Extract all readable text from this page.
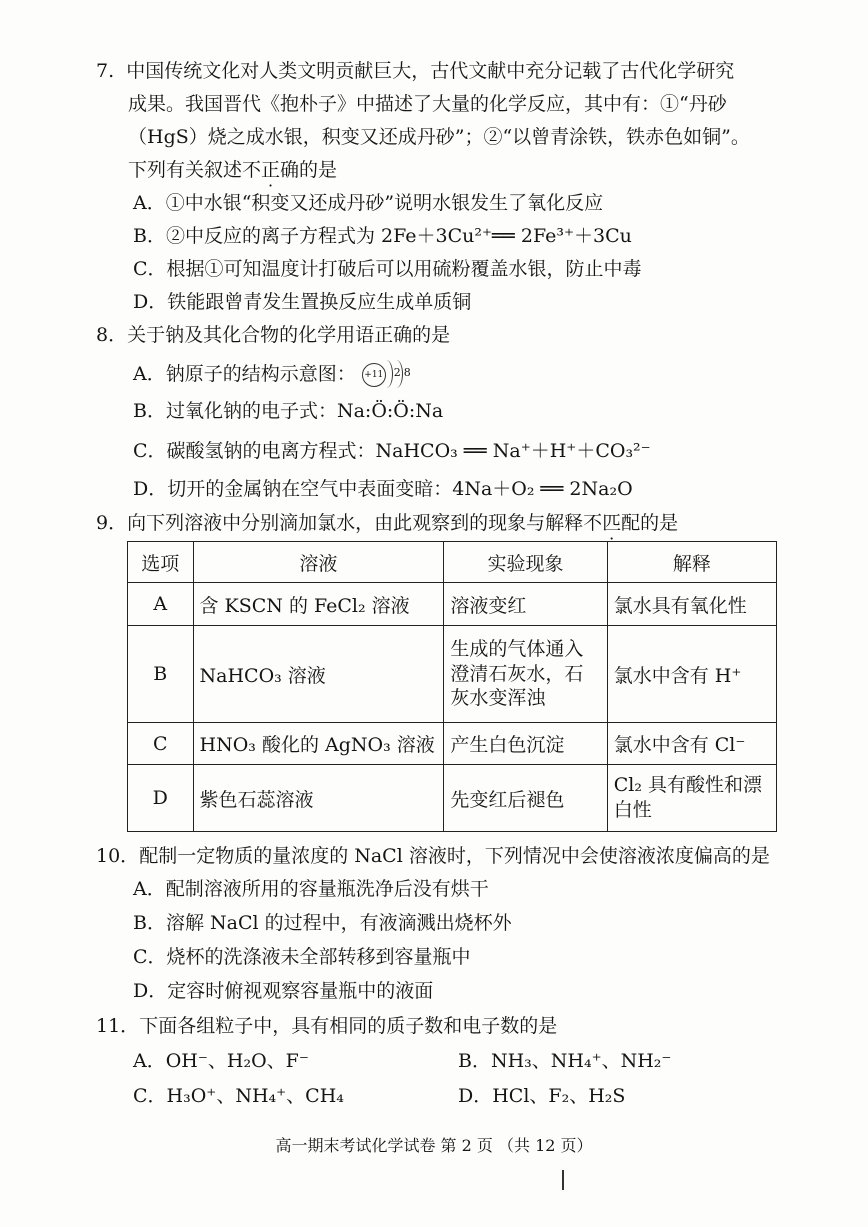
7. 中国传统文化对人类文明贡献巨大，古代文献中充分记载了古代化学研究
成果。我国晋代《抱朴子》中描述了大量的化学反应，其中有：①“丹砂
（HgS）烧之成水银，积变又还成丹砂”；②“以曾青涂铁，铁赤色如铜”。
下列有关叙述不正确的是
A．①中水银“积变又还成丹砂”说明水银发生了氧化反应
B．②中反应的离子方程式为 2Fe＋3Cu²⁺══ 2Fe³⁺＋3Cu
C．根据①可知温度计打破后可以用硫粉覆盖水银，防止中毒
D．铁能跟曾青发生置换反应生成单质铜
8．关于钠及其化合物的化学用语正确的是
A．钠原子的结构示意图： +11 2 8
B．过氧化钠的电子式：Na:Ö:Ö:Na
C．碳酸氢钠的电离方程式：NaHCO₃ ══ Na⁺＋H⁺＋CO₃²⁻
D．切开的金属钠在空气中表面变暗：4Na＋O₂ ══ 2Na₂O
9．向下列溶液中分别滴加氯水，由此观察到的现象与解释不匹配的是
选项	溶液	实验现象	解释
A	含 KSCN 的 FeCl₂ 溶液	溶液变红	氯水具有氧化性
B	NaHCO₃ 溶液	生成的气体通入澄清石灰水，石灰水变浑浊	氯水中含有 H⁺
C	HNO₃ 酸化的 AgNO₃ 溶液	产生白色沉淀	氯水中含有 Cl⁻
D	紫色石蕊溶液	先变红后褪色	Cl₂ 具有酸性和漂白性
10．配制一定物质的量浓度的 NaCl 溶液时，下列情况中会使溶液浓度偏高的是
A．配制溶液所用的容量瓶洗净后没有烘干
B．溶解 NaCl 的过程中，有液滴溅出烧杯外
C．烧杯的洗涤液未全部转移到容量瓶中
D．定容时俯视观察容量瓶中的液面
11．下面各组粒子中，具有相同的质子数和电子数的是
A．OH⁻、H₂O、F⁻	B．NH₃、NH₄⁺、NH₂⁻
C．H₃O⁺、NH₄⁺、CH₄	D．HCl、F₂、H₂S
高一期末考试化学试卷 第 2 页 （共 12 页）
